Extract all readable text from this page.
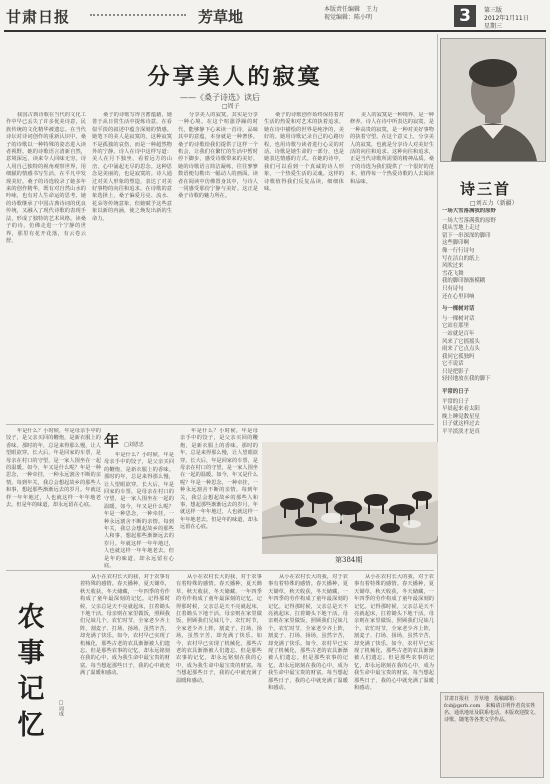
甘肃日报	芳草地	本版责任编辑　王力
视觉编辑：陈小明	3	第三版
2012年1月11日
星期三
分享美人的寂寞
——《桑子诗选》读后
□周子
我国古典诗歌在当代的文化工作中早已丢失了许多优美诗意，民族传统的文化精华被遗忘。在当代诗坛对诗词创作的重新认识中，桑子的诗歌以一种特殊的姿态进入读者视野。她的诗歌语言清新自然，意境深远，读来令人回味无穷。诗人用自己独特的视角观察世界，用细腻的情感书写生活，在平凡中发现美好。桑子的诗选收录了她多年来的创作精华，既有对自然山水的吟咏，也有对人生命运的思考。她的诗歌继承了中国古典诗词的优良传统，又融入了现代诗歌的表现手法，形成了独特的艺术风格。读桑子的诗，仿佛走进一个宁静的世界，那里有花开花落，有云卷云舒。
桑子的诗歌写得含蓄蕴藉，她善于从日常生活中提炼诗意，在看似平淡的叙述中蕴含深刻的情感。她笔下的美人是寂寞的，这种寂寞不是孤独的哀伤，而是一种超然物外的宁静。诗人在诗中这样写道：美人在月下独坐，看着远方的山峦，心中涌起无尽的思念。这种思念是美丽的，也是寂寞的。诗人通过对美人形象的塑造，表达了对美好事物的向往和追求。在诗歌的意象选择上，桑子偏爱月亮、流水、花朵等传统意象，但她赋予这些意象以新的内涵，使之焕发出新的生命力。
分享美人的寂寞，其实是分享一种心境。在这个喧嚣浮躁的时代，能够静下心来读一首诗，品味其中的意蕴，本身就是一种奢侈。桑子的诗歌给我们提供了这样一个机会，让我们在繁忙的生活中暂时停下脚步，感受诗歌带来的美好。她的诗歌语言简洁凝练，往往寥寥数语便勾勒出一幅动人的画面。读者在阅读中仿佛置身其中，与诗人一同感受那份宁静与美好。这正是桑子诗歌的魅力所在。
桑子的诗歌创作始终保持着对生活的热爱和对艺术的执着追求。她在诗中描绘的世界是纯净的，美好的。她用诗歌记录自己的心路历程，也用诗歌与读者进行心灵的对话。诗歌是她生命的一部分，也是她表达情感的方式。在她的诗中，我们可以看到一个真诚的诗人形象，一个热爱生活的灵魂。这样的诗歌值得我们反复品读，细细体味。
美人的寂寞是一种境界，是一种修养。诗人在诗中所表达的寂寞，是一种高贵的寂寞，是一种对美好事物的执着守望。在这个意义上，分享美人的寂寞，也就是分享诗人对美好生活的向往和追求。这种向往和追求，正是当代诗歌所需要的精神品质。桑子的诗选为我们提供了一个很好的范本，值得每一个热爱诗歌的人去阅读和品味。	诗三首
□刘五力（新疆）
一场大雪落满我的原野
一场大雪落满我的原野
我从雪地上走过
留下一串深深的脚印
这些脚印啊
像一行行诗句
写在洁白的纸上
风吹过来
雪花飞舞
我的脚印渐渐模糊
只有诗句
还在心里回响
与一棵树对话
与一棵树对话
它站在那里
一站就是百年
风来了它摇摇头
雨来了它点点头
我问它孤独吗
它不说话
只是把影子
轻轻地放在我的脚下
平常的日子
平常的日子
早晨起来看太阳
晚上睡觉数星星
日子就这样过去
平平淡淡才是真
年是什么？小时候，年是母亲手中的饺子，是父亲买回的鞭炮，是新衣服上的香味。那时的年，总是来得那么慢，让人望眼欲穿。长大后，年是回家的车票，是母亲在村口的守望，是一家人围坐在一起的温暖。如今，年又是什么呢？年是一种思念，一种牵挂，一种永远割舍不断的亲情。每到年关，我总会想起故乡的那些人和事，想起那些渐渐远去的岁月。年就这样一年年地过，人也就这样一年年地老去。但是年的味道，却永远留在心底。
年 □刘恩忠
年是什么？小时候，年是母亲手中的饺子，是父亲买回的鞭炮，是新衣服上的香味。那时的年，总是来得那么慢，让人望眼欲穿。长大后，年是回家的车票，是母亲在村口的守望，是一家人围坐在一起的温暖。如今，年又是什么呢？年是一种思念，一种牵挂，一种永远割舍不断的亲情。每到年关，我总会想起故乡的那些人和事，想起那些渐渐远去的岁月。年就这样一年年地过，人也就这样一年年地老去。但是年的味道，却永远留在心底。
年是什么？小时候，年是母亲手中的饺子，是父亲买回的鞭炮，是新衣服上的香味。那时的年，总是来得那么慢，让人望眼欲穿。长大后，年是回家的车票，是母亲在村口的守望，是一家人围坐在一起的温暖。如今，年又是什么呢？年是一种思念，一种牵挂，一种永远割舍不断的亲情。每到年关，我总会想起故乡的那些人和事，想起那些渐渐远去的岁月。年就这样一年年地过，人也就这样一年年地老去。但是年的味道，却永远留在心底。
第384期
农事记忆
□周成
从小在农村长大的我，对于农事有着特殊的感情。春天播种，夏天锄草，秋天收获，冬天储藏，一年四季的劳作构成了童年最深刻的记忆。记得那时候，父亲总是天不亮就起床，扛着锄头下地干活。母亲则在家里做饭，照顾我们兄妹几个。农忙时节，全家老少齐上阵，割麦子、打场、扬场，虽然辛苦，却充满了快乐。如今，农村早已实现了机械化，那些古老的农具渐渐被人们遗忘。但是那些农事的记忆，却永远铭刻在我的心中，成为我生命中最宝贵的财富。每当想起那些日子，我的心中就充满了温暖和感动。
从小在农村长大的我，对于农事有着特殊的感情。春天播种，夏天锄草，秋天收获，冬天储藏，一年四季的劳作构成了童年最深刻的记忆。记得那时候，父亲总是天不亮就起床，扛着锄头下地干活。母亲则在家里做饭，照顾我们兄妹几个。农忙时节，全家老少齐上阵，割麦子、打场、扬场，虽然辛苦，却充满了快乐。如今，农村早已实现了机械化，那些古老的农具渐渐被人们遗忘。但是那些农事的记忆，却永远铭刻在我的心中，成为我生命中最宝贵的财富。每当想起那些日子，我的心中就充满了温暖和感动。
从小在农村长大的我，对于农事有着特殊的感情。春天播种，夏天锄草，秋天收获，冬天储藏，一年四季的劳作构成了童年最深刻的记忆。记得那时候，父亲总是天不亮就起床，扛着锄头下地干活。母亲则在家里做饭，照顾我们兄妹几个。农忙时节，全家老少齐上阵，割麦子、打场、扬场，虽然辛苦，却充满了快乐。如今，农村早已实现了机械化，那些古老的农具渐渐被人们遗忘。但是那些农事的记忆，却永远铭刻在我的心中，成为我生命中最宝贵的财富。每当想起那些日子，我的心中就充满了温暖和感动。
从小在农村长大的我，对于农事有着特殊的感情。春天播种，夏天锄草，秋天收获，冬天储藏，一年四季的劳作构成了童年最深刻的记忆。记得那时候，父亲总是天不亮就起床，扛着锄头下地干活。母亲则在家里做饭，照顾我们兄妹几个。农忙时节，全家老少齐上阵，割麦子、打场、扬场，虽然辛苦，却充满了快乐。如今，农村早已实现了机械化，那些古老的农具渐渐被人们遗忘。但是那些农事的记忆，却永远铭刻在我的心中，成为我生命中最宝贵的财富。每当想起那些日子，我的心中就充满了温暖和感动。
甘肃日报社　芳草地　投稿邮箱：fcd@gsrb.com　来稿请注明作者真实姓名、通讯地址及联系电话。本版欢迎散文、诗歌、随笔等各类文学作品。
